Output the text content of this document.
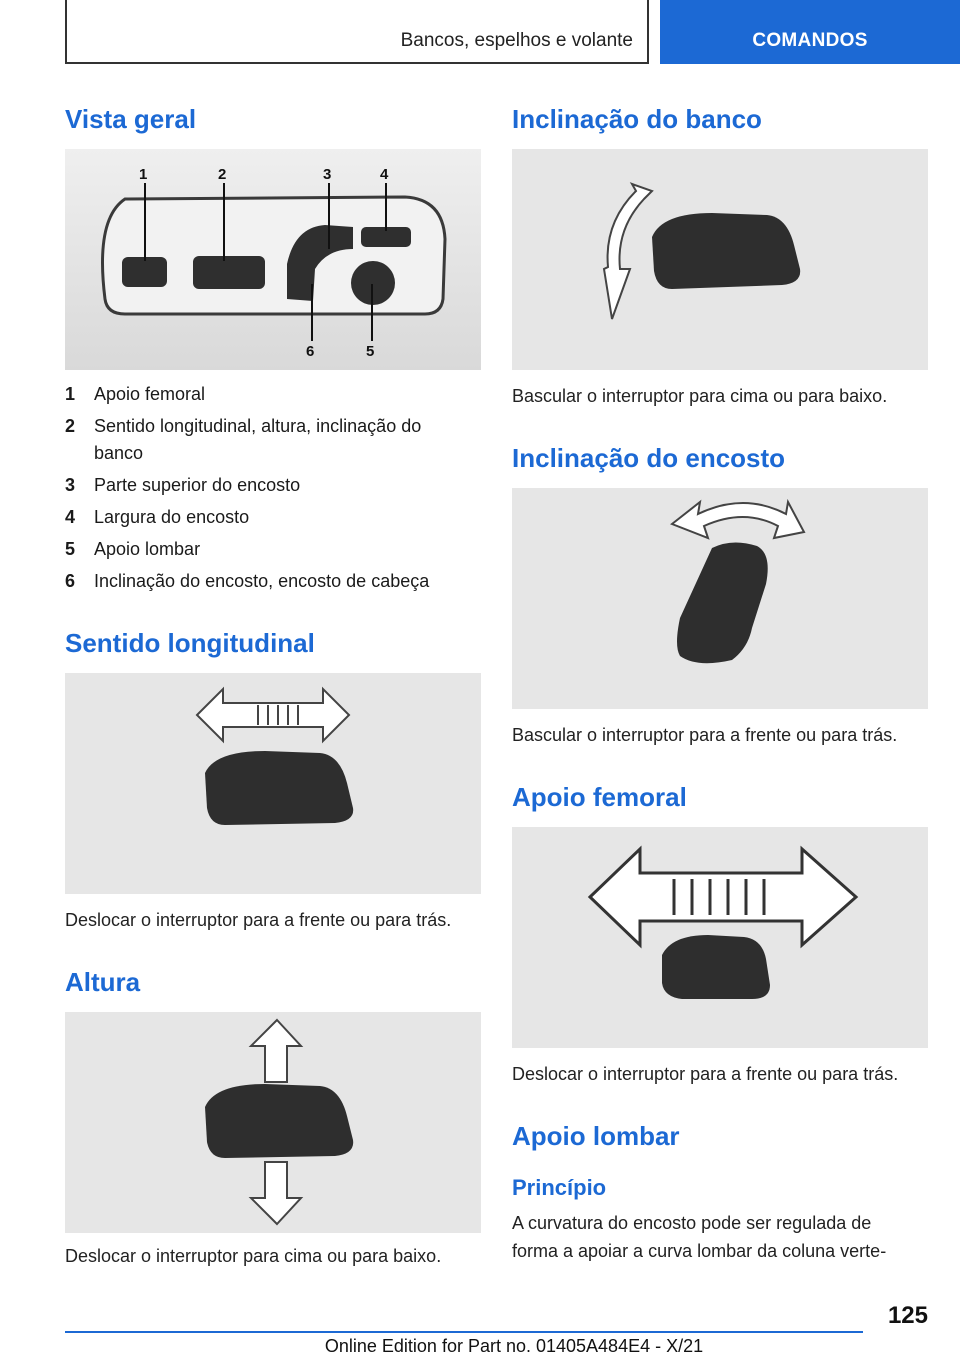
Bancos, espelhos e volante	COMANDOS
Vista geral
1	2	3	4
6	5
1 Apoio femoral
2 Sentido longitudinal, altura, inclinação do banco
3 Parte superior do encosto
4 Largura do encosto
5 Apoio lombar
6 Inclinação do encosto, encosto de cabeça
Sentido longitudinal
Deslocar o interruptor para a frente ou para trás.
Altura
Deslocar o interruptor para cima ou para baixo.
Inclinação do banco
Bascular o interruptor para cima ou para baixo.
Inclinação do encosto
Bascular o interruptor para a frente ou para trás.
Apoio femoral
Deslocar o interruptor para a frente ou para trás.
Apoio lombar
Princípio
A curvatura do encosto pode ser regulada de forma a apoiar a curva lombar da coluna verte-
125
Online Edition for Part no. 01405A484E4 - X/21
